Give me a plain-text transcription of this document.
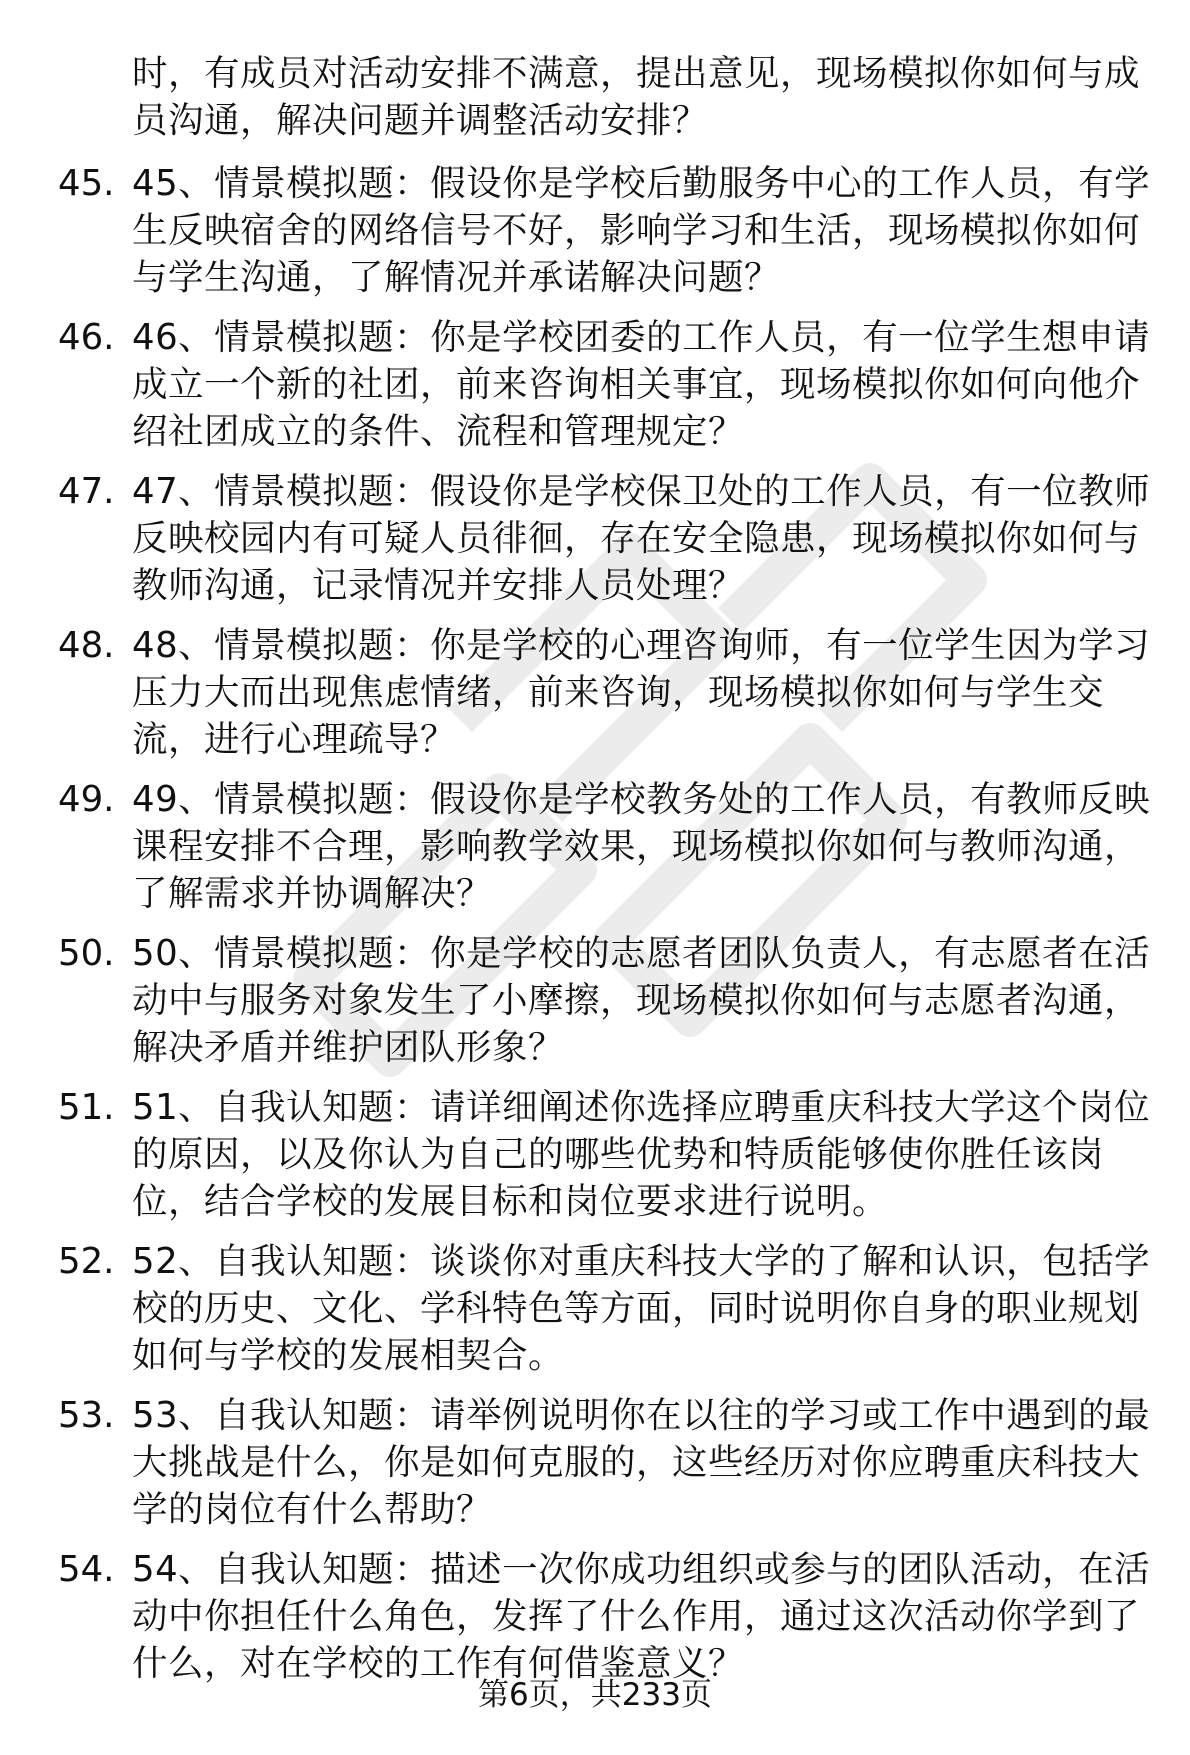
时，有成员对活动安排不满意，提出意见，现场模拟你如何与成员沟通，解决问题并调整活动安排？
45. 45、情景模拟题：假设你是学校后勤服务中心的工作人员，有学生反映宿舍的网络信号不好，影响学习和生活，现场模拟你如何与学生沟通，了解情况并承诺解决问题？
46. 46、情景模拟题：你是学校团委的工作人员，有一位学生想申请成立一个新的社团，前来咨询相关事宜，现场模拟你如何向他介绍社团成立的条件、流程和管理规定？
47. 47、情景模拟题：假设你是学校保卫处的工作人员，有一位教师反映校园内有可疑人员徘徊，存在安全隐患，现场模拟你如何与教师沟通，记录情况并安排人员处理？
48. 48、情景模拟题：你是学校的心理咨询师，有一位学生因为学习压力大而出现焦虑情绪，前来咨询，现场模拟你如何与学生交流，进行心理疏导？
49. 49、情景模拟题：假设你是学校教务处的工作人员，有教师反映课程安排不合理，影响教学效果，现场模拟你如何与教师沟通，了解需求并协调解决？
50. 50、情景模拟题：你是学校的志愿者团队负责人，有志愿者在活动中与服务对象发生了小摩擦，现场模拟你如何与志愿者沟通，解决矛盾并维护团队形象？
51. 51、自我认知题：请详细阐述你选择应聘重庆科技大学这个岗位的原因，以及你认为自己的哪些优势和特质能够使你胜任该岗位，结合学校的发展目标和岗位要求进行说明。
52. 52、自我认知题：谈谈你对重庆科技大学的了解和认识，包括学校的历史、文化、学科特色等方面，同时说明你自身的职业规划如何与学校的发展相契合。
53. 53、自我认知题：请举例说明你在以往的学习或工作中遇到的最大挑战是什么，你是如何克服的，这些经历对你应聘重庆科技大学的岗位有什么帮助？
54. 54、自我认知题：描述一次你成功组织或参与的团队活动，在活动中你担任什么角色，发挥了什么作用，通过这次活动你学到了什么，对在学校的工作有何借鉴意义？
第6页，共233页
